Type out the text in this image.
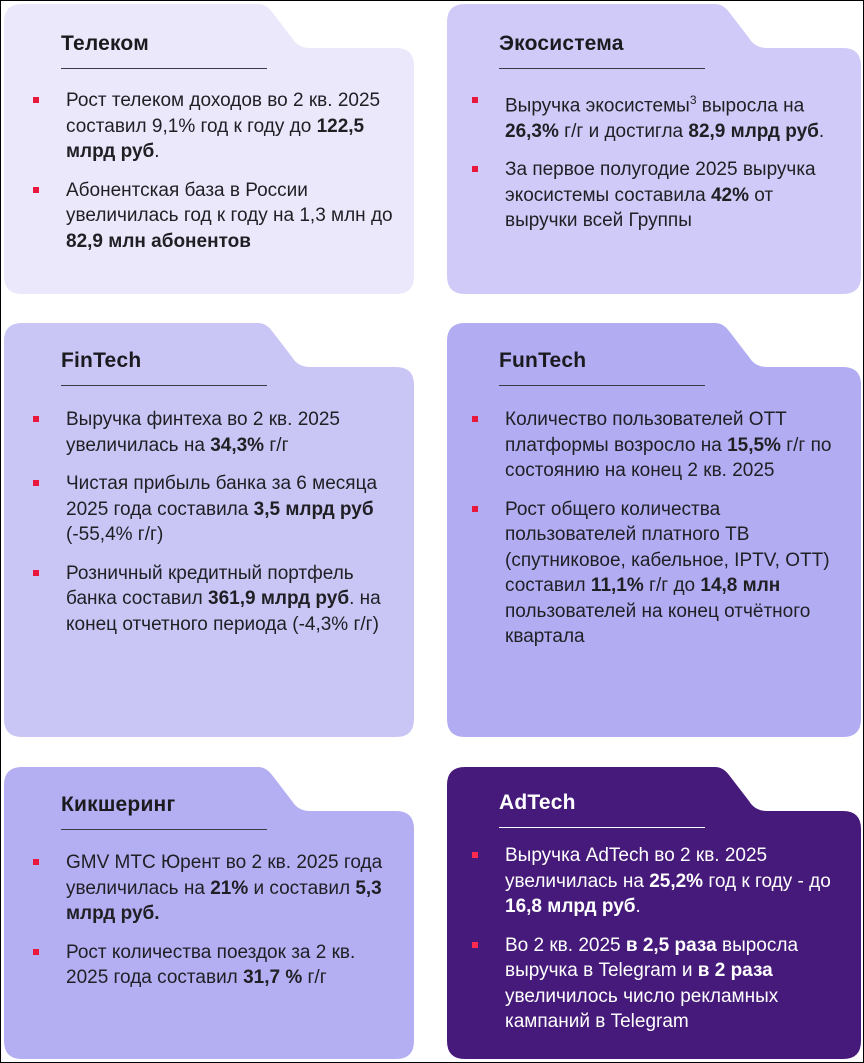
Телеком
Рост телеком доходов во 2 кв. 2025 составил 9,1% год к году до 122,5 млрд руб.
Абонентская база в России увеличилась год к году на 1,3 млн до 82,9 млн абонентов
Экосистема
Выручка экосистемы$^3$ выросла на 26,3% г/г и достигла 82,9 млрд руб.
За первое полугодие 2025 выручка экосистемы составила 42% от выручки всей Группы
FinTech
Выручка финтеха во 2 кв. 2025 увеличилась на 34,3% г/г
Чистая прибыль банка за 6 месяца 2025 года составила 3,5 млрд руб (-55,4% г/г)
Розничный кредитный портфель банка составил 361,9 млрд руб. на конец отчетного периода (-4,3% г/г)
FunTech
Количество пользователей OTT платформы возросло на 15,5% г/г по состоянию на конец 2 кв. 2025
Рост общего количества пользователей платного ТВ (спутниковое, кабельное, IPTV, OTT) составил 11,1% г/г до 14,8 млн пользователей на конец отчётного квартала
Кикшеринг
GMV МТС Юрент во 2 кв. 2025 года увеличилась на 21% и составил 5,3 млрд руб.
Рост количества поездок за 2 кв. 2025 года составил 31,7 % г/г
AdTech
Выручка AdTech во 2 кв. 2025 увеличилась на 25,2% год к году - до 16,8 млрд руб.
Во 2 кв. 2025 в 2,5 раза выросла выручка в Telegram и в 2 раза увеличилось число рекламных кампаний в Telegram
